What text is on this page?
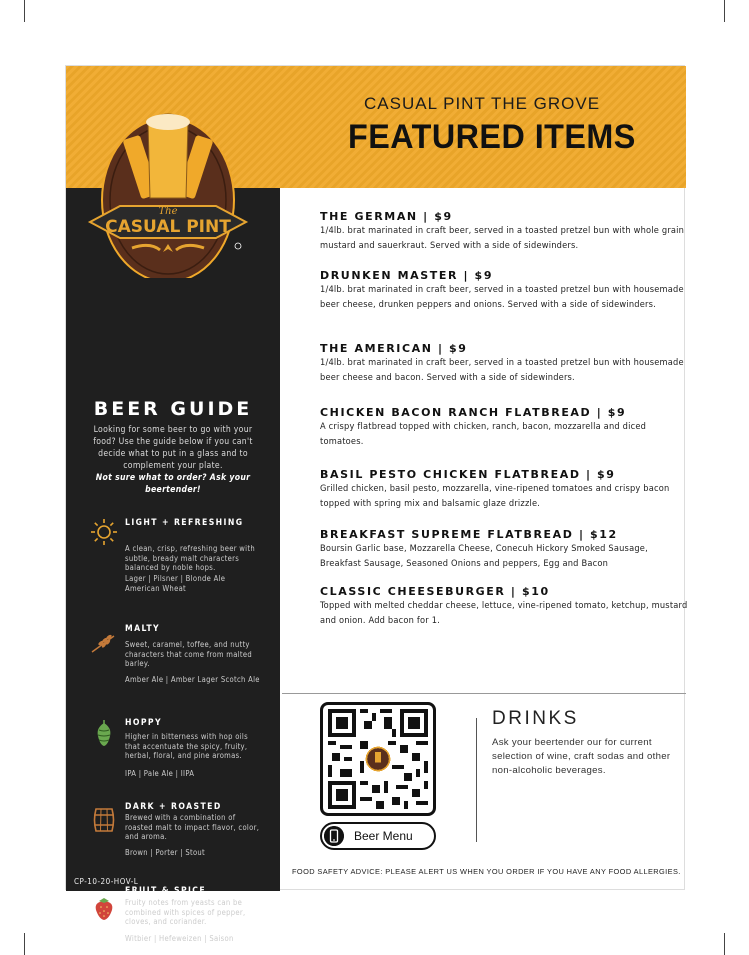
CASUAL PINT THE GROVE
FEATURED ITEMS
The
CASUAL PINT
BEER GUIDE
Looking for some beer to go with your food? Use the guide below if you can't decide what to put in a glass and to complement your plate.
Not sure what to order? Ask your beertender!
LIGHT + REFRESHING
A clean, crisp, refreshing beer with subtle, bready malt characters balanced by noble hops.
Lager | Pilsner | Blonde Ale American Wheat
MALTY
Sweet, caramel, toffee, and nutty characters that come from malted barley.
Amber Ale | Amber Lager Scotch Ale
HOPPY
Higher in bitterness with hop oils that accentuate the spicy, fruity, herbal, floral, and pine aromas.
IPA | Pale Ale | IIPA
DARK + ROASTED
Brewed with a combination of roasted malt to impact flavor, color, and aroma.
Brown | Porter | Stout
FRUIT & SPICE
Fruity notes from yeasts can be combined with spices of pepper, cloves, and coriander.
Witbier | Hefeweizen | Saison
CP-10-20-HOV-L
THE GERMAN | $9
1/4lb. brat marinated in craft beer, served in a toasted pretzel bun with whole grain mustard and sauerkraut. Served with a side of sidewinders.
DRUNKEN MASTER | $9
1/4lb. brat marinated in craft beer, served in a toasted pretzel bun with housemade beer cheese, drunken peppers and onions. Served with a side of sidewinders.
THE AMERICAN | $9
1/4lb. brat marinated in craft beer, served in a toasted pretzel bun with housemade beer cheese and bacon. Served with a side of sidewinders.
CHICKEN BACON RANCH FLATBREAD | $9
A crispy flatbread topped with chicken, ranch, bacon, mozzarella and diced tomatoes.
BASIL PESTO CHICKEN FLATBREAD | $9
Grilled chicken, basil pesto, mozzarella, vine-ripened tomatoes and crispy bacon topped with spring mix and balsamic glaze drizzle.
BREAKFAST SUPREME FLATBREAD | $12
Boursin Garlic base, Mozzarella Cheese, Conecuh Hickory Smoked Sausage, Breakfast Sausage, Seasoned Onions and peppers, Egg and Bacon
CLASSIC CHEESEBURGER | $10
Topped with melted cheddar cheese, lettuce, vine-ripened tomato, ketchup, mustard and onion. Add bacon for 1.
Beer Menu
DRINKS
Ask your beertender our for current selection of wine, craft sodas and other non-alcoholic beverages.
FOOD SAFETY ADVICE: PLEASE ALERT US WHEN YOU ORDER IF YOU HAVE ANY FOOD ALLERGIES.
